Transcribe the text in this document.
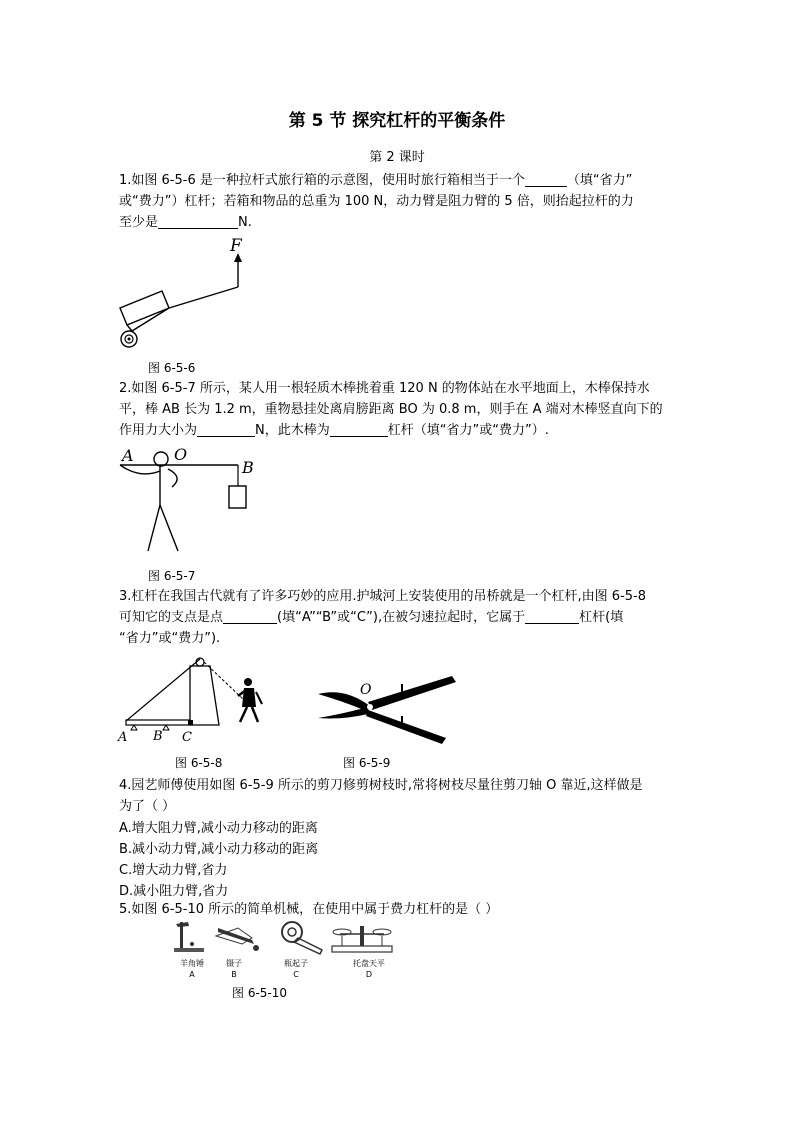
第 5 节 探究杠杆的平衡条件
第 2 课时
1.如图 6-5-6 是一种拉杆式旅行箱的示意图，使用时旅行箱相当于一个	（填“省力”
或“费力”）杠杆；若箱和物品的总重为 100 N，动力臂是阻力臂的 5 倍，则抬起拉杆的力
至少是	N.
F
图 6-5-6
2.如图 6-5-7 所示，某人用一根轻质木棒挑着重 120 N 的物体站在水平地面上，木棒保持水
平，棒 AB 长为 1.2 m，重物悬挂处离肩膀距离 BO 为 0.8 m，则手在 A 端对木棒竖直向下的
作用力大小为	N，此木棒为	杠杆（填“省力”或“费力”）.
A	O
B
图 6-5-7
3.杠杆在我国古代就有了许多巧妙的应用.护城河上安装使用的吊桥就是一个杠杆,由图 6-5-8
可知它的支点是点	(填“A”“B”或“C”),在被匀速拉起时，它属于	杠杆(填
“省力”或“费力”).
A B C
图 6-5-8
O
图 6-5-9
4.园艺师傅使用如图 6-5-9 所示的剪刀修剪树枝时,常将树枝尽量往剪刀轴 O 靠近,这样做是
为了（ ）
A.增大阻力臂,减小动力移动的距离
B.减小动力臂,减小动力移动的距离
C.增大动力臂,省力
D.减小阻力臂,省力
5.如图 6-5-10 所示的简单机械，在使用中属于费力杠杆的是（ ）
羊角锤
A
镊子
B
瓶起子
C
托盘天平
D
图 6-5-10
